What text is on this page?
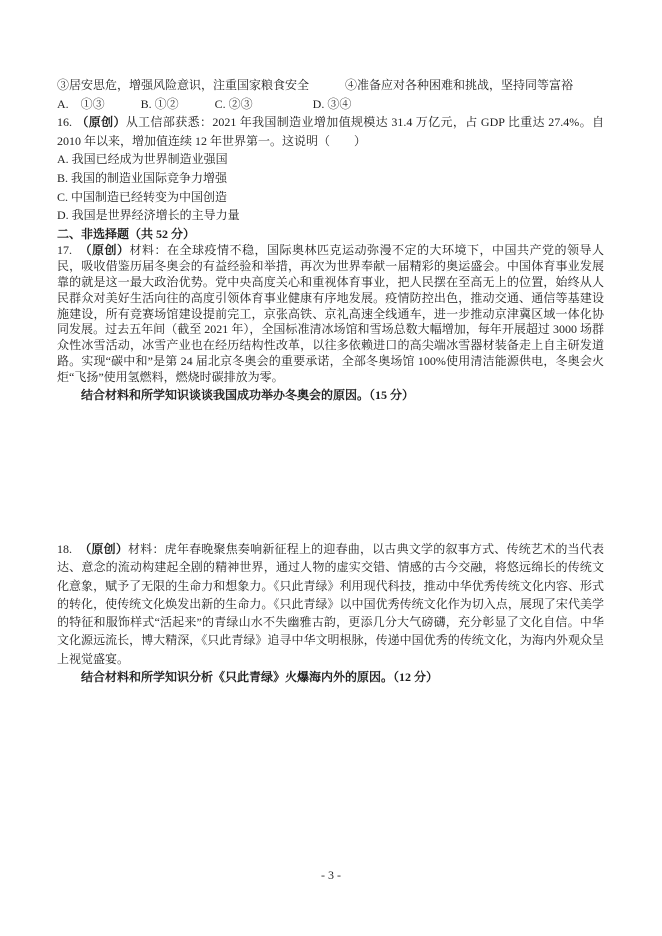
③居安思危，增强风险意识，注重国家粮食安全　　　④准备应对各种困难和挑战，坚持同等富裕

A.　①③　　　B. ①②　　　C. ②③　　　　　D. ③④

16. （原创）从工信部获悉：2021 年我国制造业增加值规模达 31.4 万亿元，占 GDP 比重达 27.4%。自 2010 年以来，增加值连续 12 年世界第一。这说明（　　）

A. 我国已经成为世界制造业强国

B. 我国的制造业国际竞争力增强

C. 中国制造已经转变为中国创造

D. 我国是世界经济增长的主导力量

二、非选择题（共 52 分）

17. （原创）材料：在全球疫情不稳，国际奥林匹克运动弥漫不定的大环境下，中国共产党的领导人民，吸收借鉴历届冬奥会的有益经验和举措，再次为世界奉献一届精彩的奥运盛会。中国体育事业发展靠的就是这一最大政治优势。党中央高度关心和重视体育事业，把人民摆在至高无上的位置，始终从人民群众对美好生活向往的高度引领体育事业健康有序地发展。疫情防控出色，推动交通、通信等基建设施建设，所有竞赛场馆建设提前完工，京张高铁、京礼高速全线通车，进一步推动京津冀区域一体化协同发展。过去五年间（截至 2021 年），全国标准清冰场馆和雪场总数大幅增加，每年开展超过 3000 场群众性冰雪活动，冰雪产业也在经历结构性改革，以往多依赖进口的高尖端冰雪器材装备走上自主研发道路。实现“碳中和”是第 24 届北京冬奥会的重要承诺，全部冬奥场馆 100%使用清洁能源供电，冬奥会火炬“飞扬”使用氢燃料，燃烧时碳排放为零。

结合材料和所学知识谈谈我国成功举办冬奥会的原因。（15 分）

18. （原创）材料：虎年春晚聚焦奏响新征程上的迎春曲，以古典文学的叙事方式、传统艺术的当代表达、意念的流动构建起全剧的精神世界，通过人物的虚实交错、情感的古今交融，将悠远绵长的传统文化意象，赋予了无限的生命力和想象力。《只此青绿》利用现代科技，推动中华优秀传统文化内容、形式的转化，使传统文化焕发出新的生命力。《只此青绿》以中国优秀传统文化作为切入点，展现了宋代美学的特征和服饰样式“活起来”的青绿山水不失幽雅古韵，更添几分大气磅礴，充分彰显了文化自信。中华文化源远流长，博大精深，《只此青绿》追寻中华文明根脉，传递中国优秀的传统文化，为海内外观众呈上视觉盛宴。

结合材料和所学知识分析《只此青绿》火爆海内外的原因。（12 分）

- 3 -
